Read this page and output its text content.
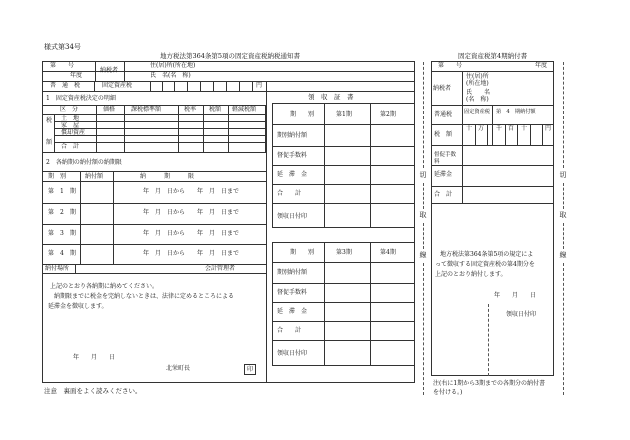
様式第34号
地方税法第364条第5項の固定資産税納税通知書
第　　号
年度
納税者
住(居)所(所在地)
氏　名(名　称)
普　通　税	固定資産税	円
1　固定資産税決定の明細
区　分	価格	課税標準額	税率 税額 軽減税額
税
額
土　地
家　屋
償却資産
合　計
2　各納期の納付額の納期限
期　別	納付額	納　　　期　　　限
第　1　期	年　月　日から　　年　月　日まで
第　2　期	年　月　日から　　年　月　日まで
第　3　期	年　月　日から　　年　月　日まで
第　4　期	年　月　日から　　年　月　日まで
納付場所	会計管理者
上記のとおり各納期に納めてください。
納期限までに税金を完納しないときは、法律に定めるところによる
延滞金を徴収します。
年　　月　　日
北栄町長	印
注意　裏面をよく読みください。
領　収　証　書
期　　別	第1期	第2期
期別納付額
督促手数料
延　滞　金
合　　計
領収日付印
期　　別	第3期	第4期
期別納付額
督促手数料
延　滞　金
合　　計
領収日付印
切
取
線
固定資産税第4期納付書
第　　号	年度
納税者
住(居)所
(所在地)
氏　　名
(名　称)
普通税 固定資産税 第　4　期納付額
税　額
十 万 千 百 十	円
督促手数料
延滞金
合　計
地方税法第364条第5項の規定によ
って徴収する固定資産税の第4期分を
上記のとおり納付します。
年　　月　　日
領収日付印
注(右に1期から3期までの各期分の納付書
を付ける。)
切
取
線
